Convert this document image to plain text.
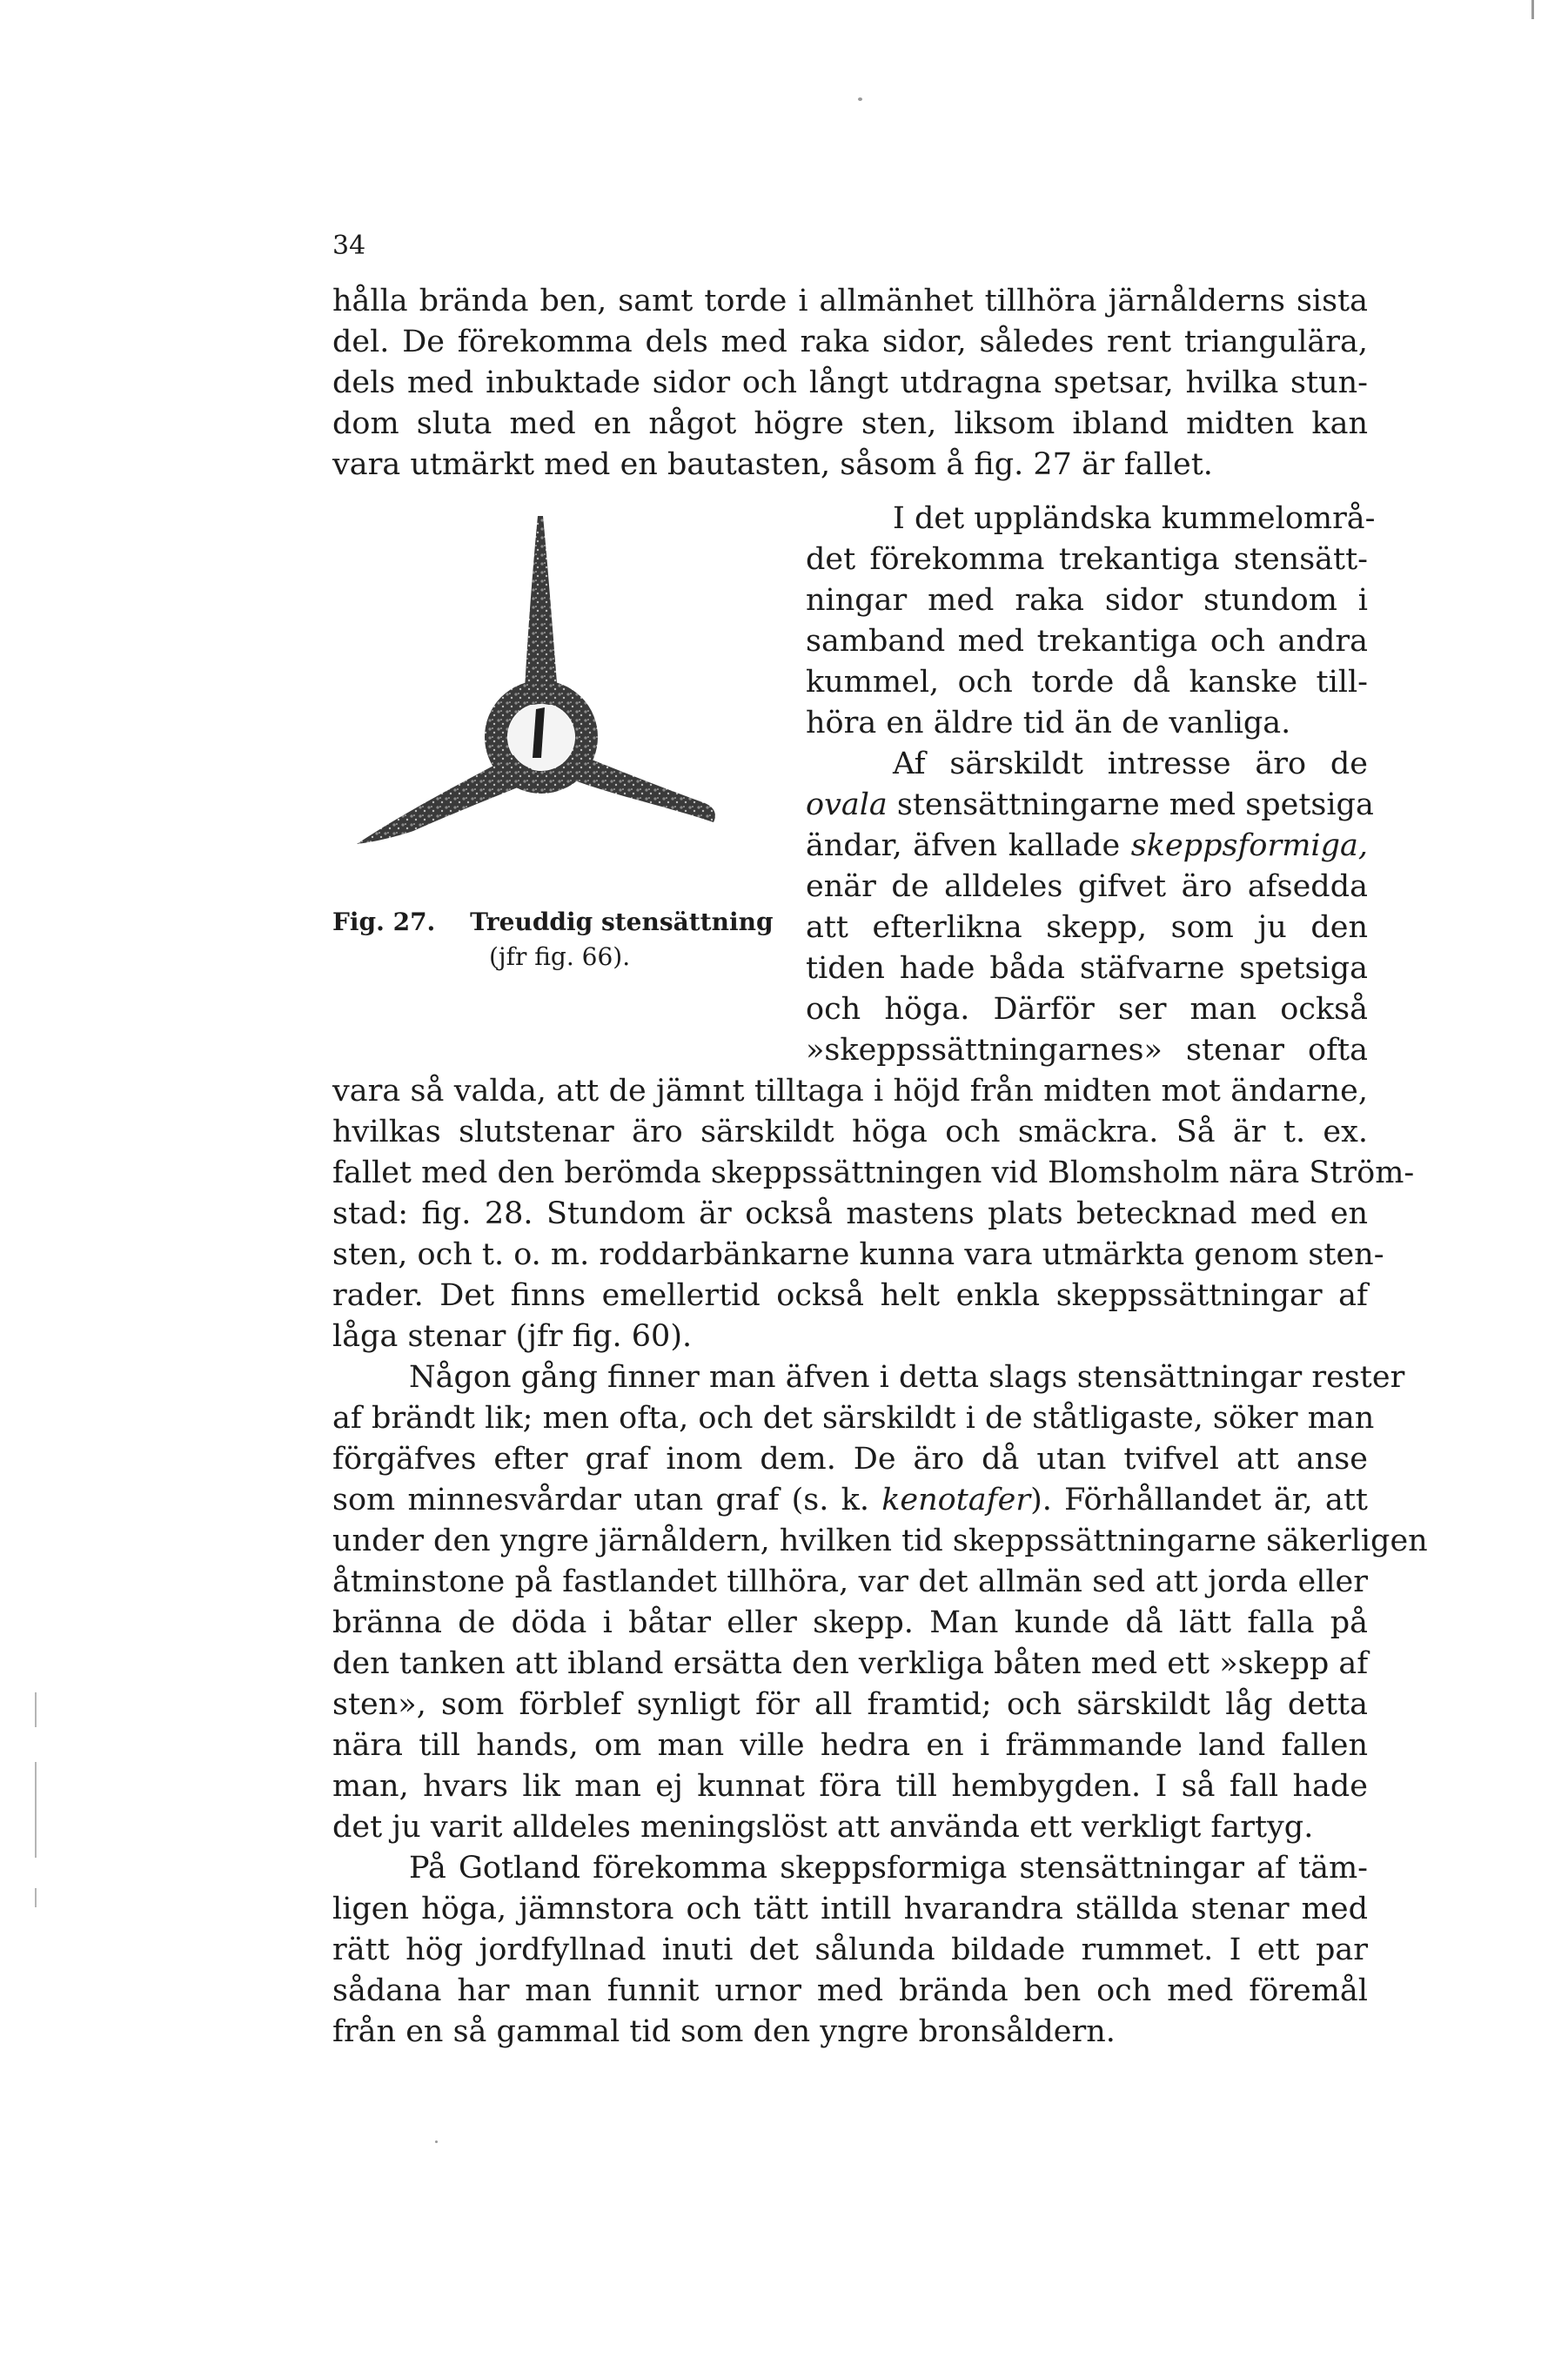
34
hålla brända ben, samt torde i allmänhet tillhöra järnålderns sista
del. De förekomma dels med raka sidor, således rent triangulära,
dels med inbuktade sidor och långt utdragna spetsar, hvilka stun-
dom sluta med en något högre sten, liksom ibland midten kan
vara utmärkt med en bautasten, såsom å fig. 27 är fallet.
Fig. 27. Treuddig stensättning
(jfr fig. 66).
I det uppländska kummelområ-
det förekomma trekantiga stensätt-
ningar med raka sidor stundom i
samband med trekantiga och andra
kummel, och torde då kanske till-
höra en äldre tid än de vanliga.
Af särskildt intresse äro de
ovala stensättningarne med spetsiga
ändar, äfven kallade skeppsformiga,
enär de alldeles gifvet äro afsedda
att efterlikna skepp, som ju den
tiden hade båda stäfvarne spetsiga
och höga. Därför ser man också
»skeppssättningarnes» stenar ofta
vara så valda, att de jämnt tilltaga i höjd från midten mot ändarne,
hvilkas slutstenar äro särskildt höga och smäckra. Så är t. ex.
fallet med den berömda skeppssättningen vid Blomsholm nära Ström-
stad: fig. 28. Stundom är också mastens plats betecknad med en
sten, och t. o. m. roddarbänkarne kunna vara utmärkta genom sten-
rader. Det finns emellertid också helt enkla skeppssättningar af
låga stenar (jfr fig. 60).
Någon gång finner man äfven i detta slags stensättningar rester
af brändt lik; men ofta, och det särskildt i de ståtligaste, söker man
förgäfves efter graf inom dem. De äro då utan tvifvel att anse
som minnesvårdar utan graf (s. k. kenotafer). Förhållandet är, att
under den yngre järnåldern, hvilken tid skeppssättningarne säkerligen
åtminstone på fastlandet tillhöra, var det allmän sed att jorda eller
bränna de döda i båtar eller skepp. Man kunde då lätt falla på
den tanken att ibland ersätta den verkliga båten med ett »skepp af
sten», som förblef synligt för all framtid; och särskildt låg detta
nära till hands, om man ville hedra en i främmande land fallen
man, hvars lik man ej kunnat föra till hembygden. I så fall hade
det ju varit alldeles meningslöst att använda ett verkligt fartyg.
På Gotland förekomma skeppsformiga stensättningar af täm-
ligen höga, jämnstora och tätt intill hvarandra ställda stenar med
rätt hög jordfyllnad inuti det sålunda bildade rummet. I ett par
sådana har man funnit urnor med brända ben och med föremål
från en så gammal tid som den yngre bronsåldern.
